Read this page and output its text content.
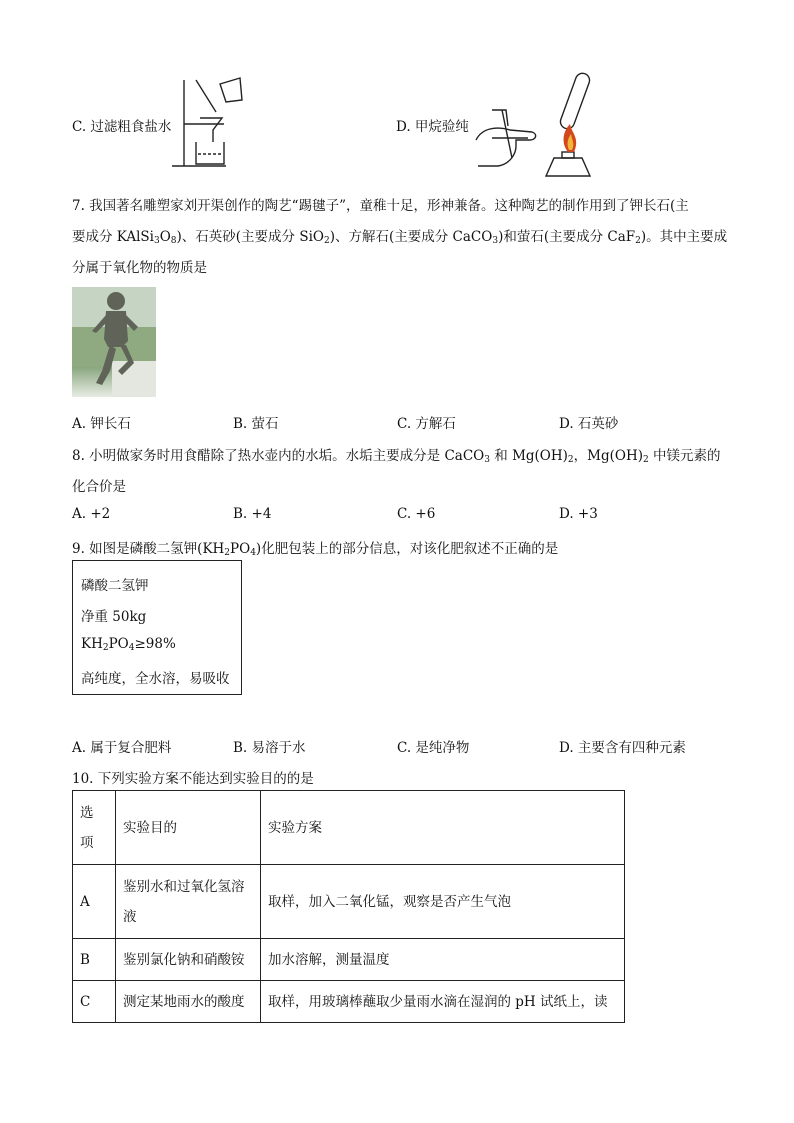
C. 过滤粗食盐水	D. 甲烷验纯
7. 我国著名雕塑家刘开渠创作的陶艺“踢毽子”，童稚十足，形神兼备。这种陶艺的制作用到了钾长石(主
要成分 $KAlSi_3O_8$)、石英砂(主要成分 SiO$_2$)、方解石(主要成分 CaCO$_3$)和萤石(主要成分 CaF$_2$)。其中主要成
分属于氧化物的物质是
A. 钾长石	B. 萤石	C. 方解石	D. 石英砂
8. 小明做家务时用食醋除了热水壶内的水垢。水垢主要成分是 CaCO$_3$ 和 $Mg(OH)_2$，$Mg(OH)_2$ 中镁元素的
化合价是
A. +2	B. +4	C. +6	D. +3
9. 如图是磷酸二氢钾$(KH_2PO_4)$化肥包装上的部分信息，对该化肥叙述不正确的是
磷酸二氢钾
净重 50kg
$KH_2PO_4\ge 98\%$
高纯度，全水溶，易吸收
A. 属于复合肥料	B. 易溶于水	C. 是纯净物	D. 主要含有四种元素
10. 下列实验方案不能达到实验目的的是
选
项	实验目的	实验方案
A	鉴别水和过氧化氢溶
液	取样，加入二氧化锰，观察是否产生气泡
B	鉴别氯化钠和硝酸铵	加水溶解，测量温度
C	测定某地雨水的酸度	取样，用玻璃棒蘸取少量雨水滴在湿润的 pH 试纸上，读
